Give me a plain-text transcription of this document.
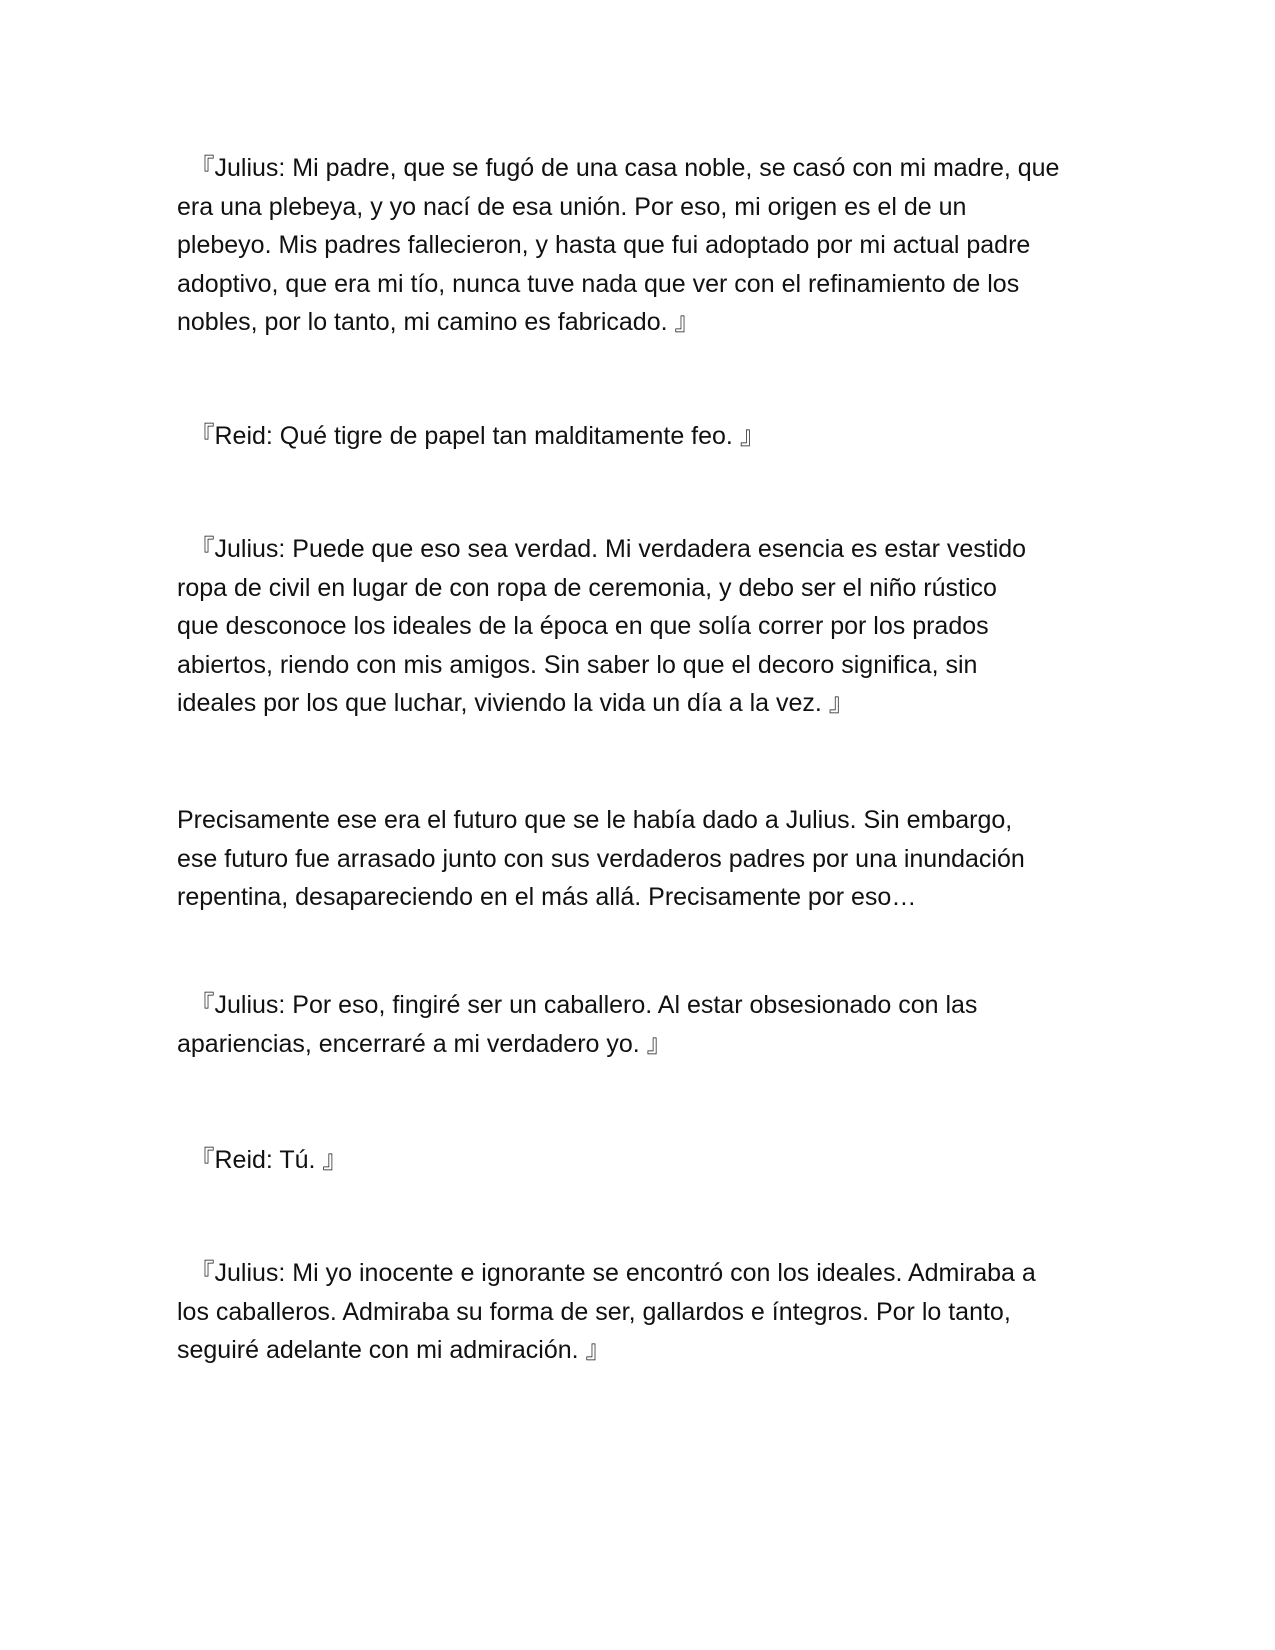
　『Julius: Mi padre, que se fugó de una casa noble, se casó con mi madre, que
era una plebeya, y yo nací de esa unión. Por eso, mi origen es el de un
plebeyo. Mis padres fallecieron, y hasta que fui adoptado por mi actual padre
adoptivo, que era mi tío, nunca tuve nada que ver con el refinamiento de los
nobles, por lo tanto, mi camino es fabricado. 』

　『Reid: Qué tigre de papel tan malditamente feo. 』

　『Julius: Puede que eso sea verdad. Mi verdadera esencia es estar vestido
ropa de civil en lugar de con ropa de ceremonia, y debo ser el niño rústico
que desconoce los ideales de la época en que solía correr por los prados
abiertos, riendo con mis amigos. Sin saber lo que el decoro significa, sin
ideales por los que luchar, viviendo la vida un día a la vez. 』

Precisamente ese era el futuro que se le había dado a Julius. Sin embargo,
ese futuro fue arrasado junto con sus verdaderos padres por una inundación
repentina, desapareciendo en el más allá. Precisamente por eso…

　『Julius: Por eso, fingiré ser un caballero. Al estar obsesionado con las
apariencias, encerraré a mi verdadero yo. 』

　『Reid: Tú. 』

　『Julius: Mi yo inocente e ignorante se encontró con los ideales. Admiraba a
los caballeros. Admiraba su forma de ser, gallardos e íntegros. Por lo tanto,
seguiré adelante con mi admiración. 』
